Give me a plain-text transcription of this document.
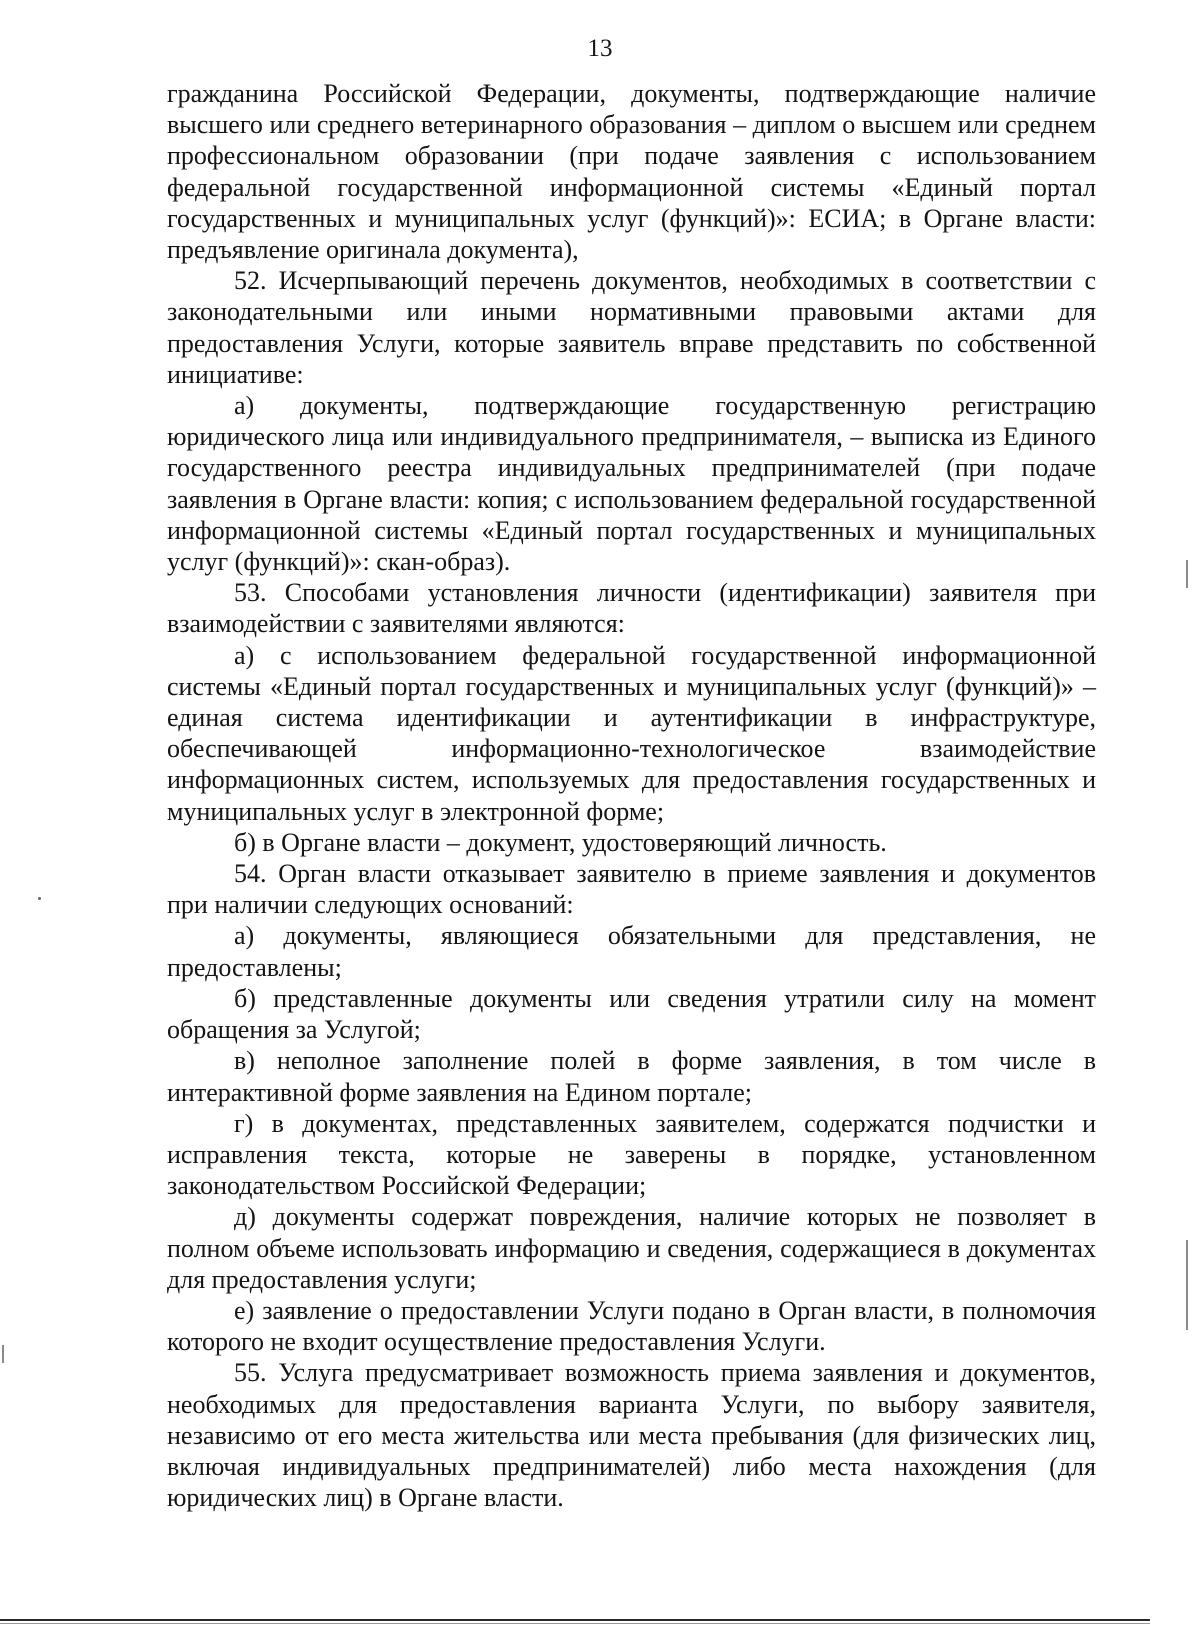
13

гражданина Российской Федерации, документы, подтверждающие наличие высшего или среднего ветеринарного образования – диплом о высшем или среднем профессиональном образовании (при подаче заявления с использованием федеральной государственной информационной системы «Единый портал государственных и муниципальных услуг (функций)»: ЕСИА; в Органе власти: предъявление оригинала документа),

52. Исчерпывающий перечень документов, необходимых в соответствии с законодательными или иными нормативными правовыми актами для предоставления Услуги, которые заявитель вправе представить по собственной инициативе:

а) документы, подтверждающие государственную регистрацию юридического лица или индивидуального предпринимателя, – выписка из Единого государственного реестра индивидуальных предпринимателей (при подаче заявления в Органе власти: копия; с использованием федеральной государственной информационной системы «Единый портал государственных и муниципальных услуг (функций)»: скан-образ).

53. Способами установления личности (идентификации) заявителя при взаимодействии с заявителями являются:

а) с использованием федеральной государственной информационной системы «Единый портал государственных и муниципальных услуг (функций)» – единая система идентификации и аутентификации в инфраструктуре, обеспечивающей информационно-технологическое взаимодействие информационных систем, используемых для предоставления государственных и муниципальных услуг в электронной форме;

б) в Органе власти – документ, удостоверяющий личность.

54. Орган власти отказывает заявителю в приеме заявления и документов при наличии следующих оснований:

а) документы, являющиеся обязательными для представления, не предоставлены;

б) представленные документы или сведения утратили силу на момент обращения за Услугой;

в) неполное заполнение полей в форме заявления, в том числе в интерактивной форме заявления на Едином портале;

г) в документах, представленных заявителем, содержатся подчистки и исправления текста, которые не заверены в порядке, установленном законодательством Российской Федерации;

д) документы содержат повреждения, наличие которых не позволяет в полном объеме использовать информацию и сведения, содержащиеся в документах для предоставления услуги;

е) заявление о предоставлении Услуги подано в Орган власти, в полномочия которого не входит осуществление предоставления Услуги.

55. Услуга предусматривает возможность приема заявления и документов, необходимых для предоставления варианта Услуги, по выбору заявителя, независимо от его места жительства или места пребывания (для физических лиц, включая индивидуальных предпринимателей) либо места нахождения (для юридических лиц) в Органе власти.
